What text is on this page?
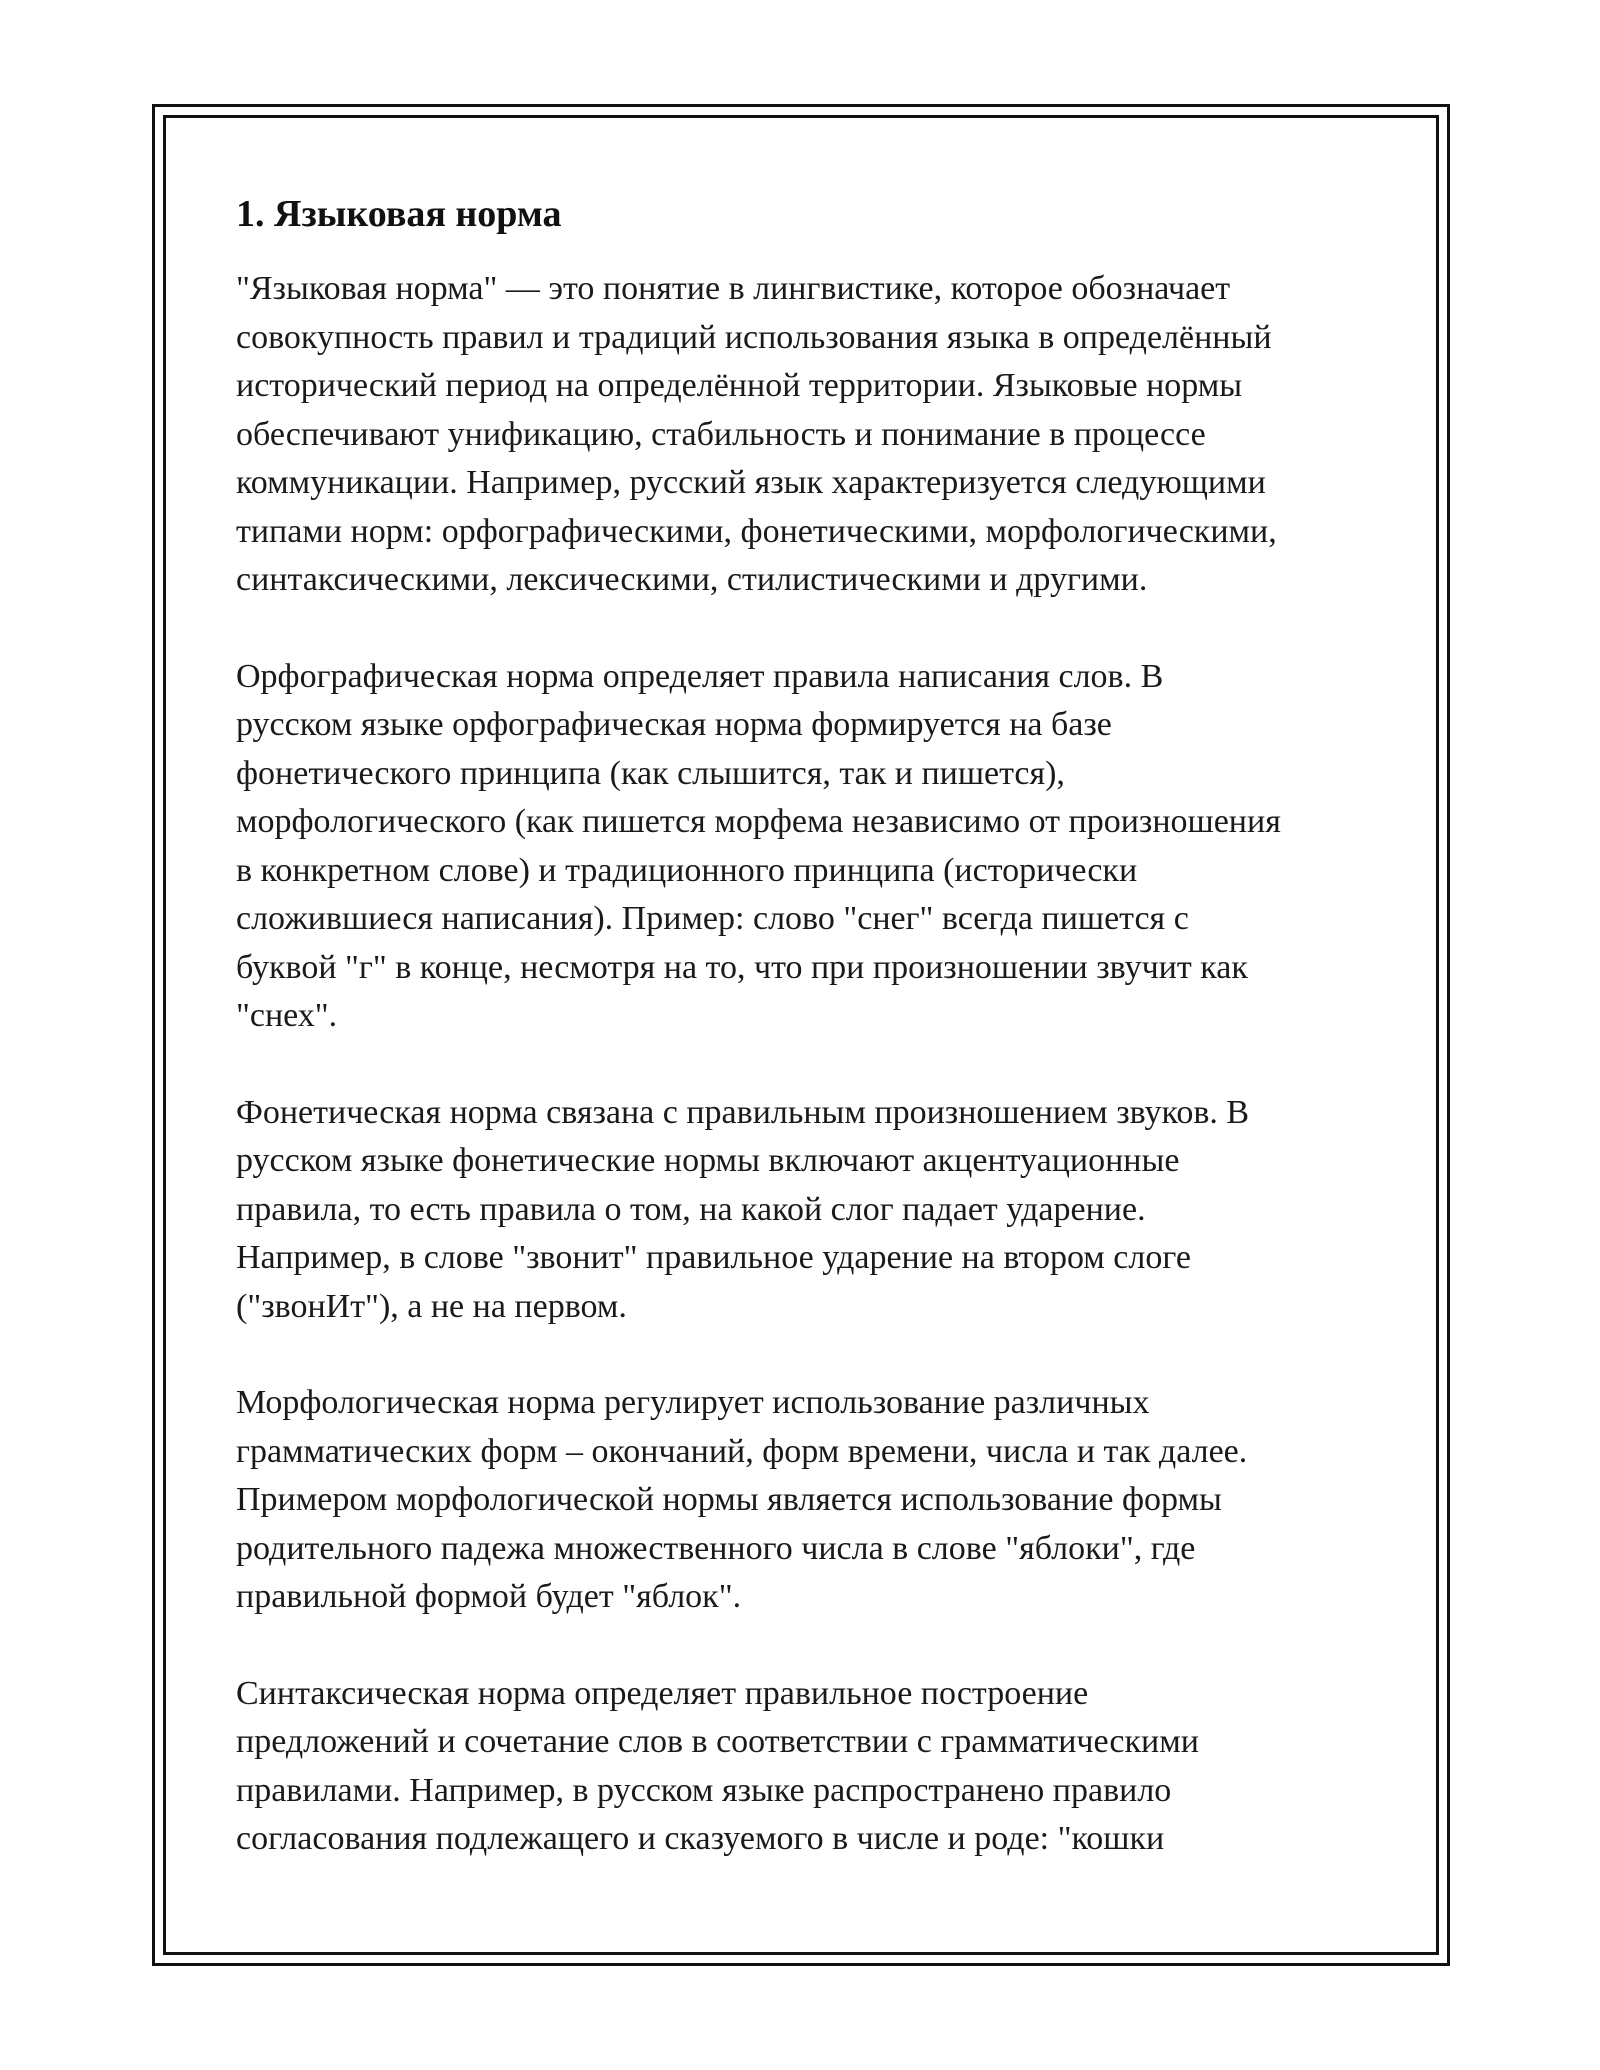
1. Языковая норма

"Языковая норма" — это понятие в лингвистике, которое обозначает
совокупность правил и традиций использования языка в определённый
исторический период на определённой территории. Языковые нормы
обеспечивают унификацию, стабильность и понимание в процессе
коммуникации. Например, русский язык характеризуется следующими
типами норм: орфографическими, фонетическими, морфологическими,
синтаксическими, лексическими, стилистическими и другими.

Орфографическая норма определяет правила написания слов. В
русском языке орфографическая норма формируется на базе
фонетического принципа (как слышится, так и пишется),
морфологического (как пишется морфема независимо от произношения
в конкретном слове) и традиционного принципа (исторически
сложившиеся написания). Пример: слово "снег" всегда пишется с
буквой "г" в конце, несмотря на то, что при произношении звучит как
"снех".

Фонетическая норма связана с правильным произношением звуков. В
русском языке фонетические нормы включают акцентуационные
правила, то есть правила о том, на какой слог падает ударение.
Например, в слове "звонит" правильное ударение на втором слоге
("звонИт"), а не на первом.

Морфологическая норма регулирует использование различных
грамматических форм – окончаний, форм времени, числа и так далее.
Примером морфологической нормы является использование формы
родительного падежа множественного числа в слове "яблоки", где
правильной формой будет "яблок".

Синтаксическая норма определяет правильное построение
предложений и сочетание слов в соответствии с грамматическими
правилами. Например, в русском языке распространено правило
согласования подлежащего и сказуемого в числе и роде: "кошки
